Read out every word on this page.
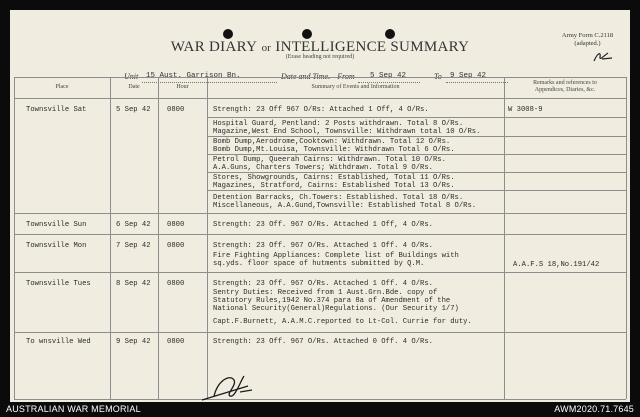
WAR DIARY or INTELLIGENCE SUMMARY
(Erase heading not required)
Army Form C.2118
(adapted.)
Unit 15 Aust. Garrison Bn.	Date and Time.—From 5 Sep 42	To 9 Sep 42
Place	Date	Hour	Summary of Events and Information
Remarks and references to
Appendices, Diaries, &c.
Townsville Sat	5 Sep 42 0800	Strength: 23 Off 967 O/Rs: Attached 1 Off, 4 O/Rs.	W 3008-9
Hospital Guard, Pentland: 2 Posts withdrawn. Total 8 O/Rs.
Magazine,West End School, Townsville: Withdrawn total 10 O/Rs.
Bomb Dump,Aerodrome,Cooktown: Withdrawn. Total 12 O/Rs.
Bomb Dump,Mt.Louisa, Townsville: Withdrawn Total 6 O/Rs.
Petrol Dump, Queerah Cairns: Withdrawn. Total 10 O/Rs.
A.A.Guns, Charters Towers; Withdrawn. Total 9 O/Rs.
Stores, Showgrounds, Cairns: Established, Total 11 O/Rs.
Magazines, Stratford, Cairns: Established Total 13 O/Rs.
Detention Barracks, Ch.Towers: Established. Total 18 O/Rs.
Miscellaneous, A.A.Gund,Townsville: Established Total 8 O/Rs.
Townsville Sun	6 Sep 42 0800	Strength: 23 Off. 967 O/Rs. Attached 1 Off, 4 O/Rs.
Townsville Mon	7 Sep 42 0800	Strength: 23 Off. 967 O/Rs. Attached 1 Off. 4 O/Rs.
Fire Fighting Appliances: Complete list of Buildings with
sq.yds. floor space of hutments submitted by Q.M.	A.A.F.S 18,No.191/42
Townsville Tues	8 Sep 42 0800	Strength: 23 Off. 967 O/Rs. Attached 1 Off. 4 O/Rs.
Sentry Duties: Received from 1 Aust.Grn.Bde. copy of
Statutory Rules,1942 No.374 para 8a of Amendment of the
National Security(General)Regulations. (Our Security 1/7)
Capt.F.Burnett, A.A.M.C.reported to Lt-Col. Currie for duty.
To wnsville Wed	9 Sep 42 0800	Strength: 23 Off. 967 O/Rs. Attached 0 Off. 4 O/Rs.
AUSTRALIAN WAR MEMORIAL	AWM2020.71.7645
